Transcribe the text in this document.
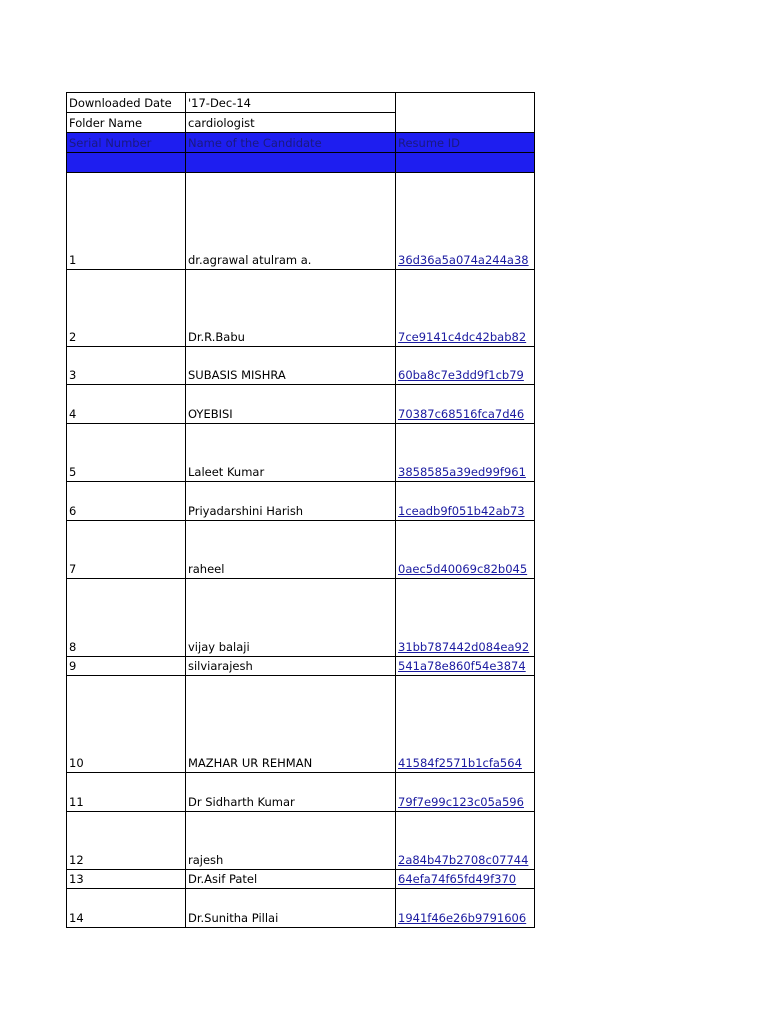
Downloaded Date	'17-Dec-14	
Folder Name	cardiologist	
Serial Number	Name of the Candidate	Resume ID

1	dr.agrawal atulram a.	36d36a5a074a244a38
2	Dr.R.Babu	7ce9141c4dc42bab82
3	SUBASIS MISHRA	60ba8c7e3dd9f1cb79
4	OYEBISI	70387c68516fca7d46
5	Laleet Kumar	3858585a39ed99f961
6	Priyadarshini Harish	1ceadb9f051b42ab73
7	raheel	0aec5d40069c82b045
8	vijay balaji	31bb787442d084ea92
9	silviarajesh	541a78e860f54e3874
10	MAZHAR UR REHMAN	41584f2571b1cfa564
11	Dr Sidharth Kumar	79f7e99c123c05a596
12	rajesh	2a84b47b2708c07744
13	Dr.Asif Patel	64efa74f65fd49f370
14	Dr.Sunitha Pillai	1941f46e26b9791606
